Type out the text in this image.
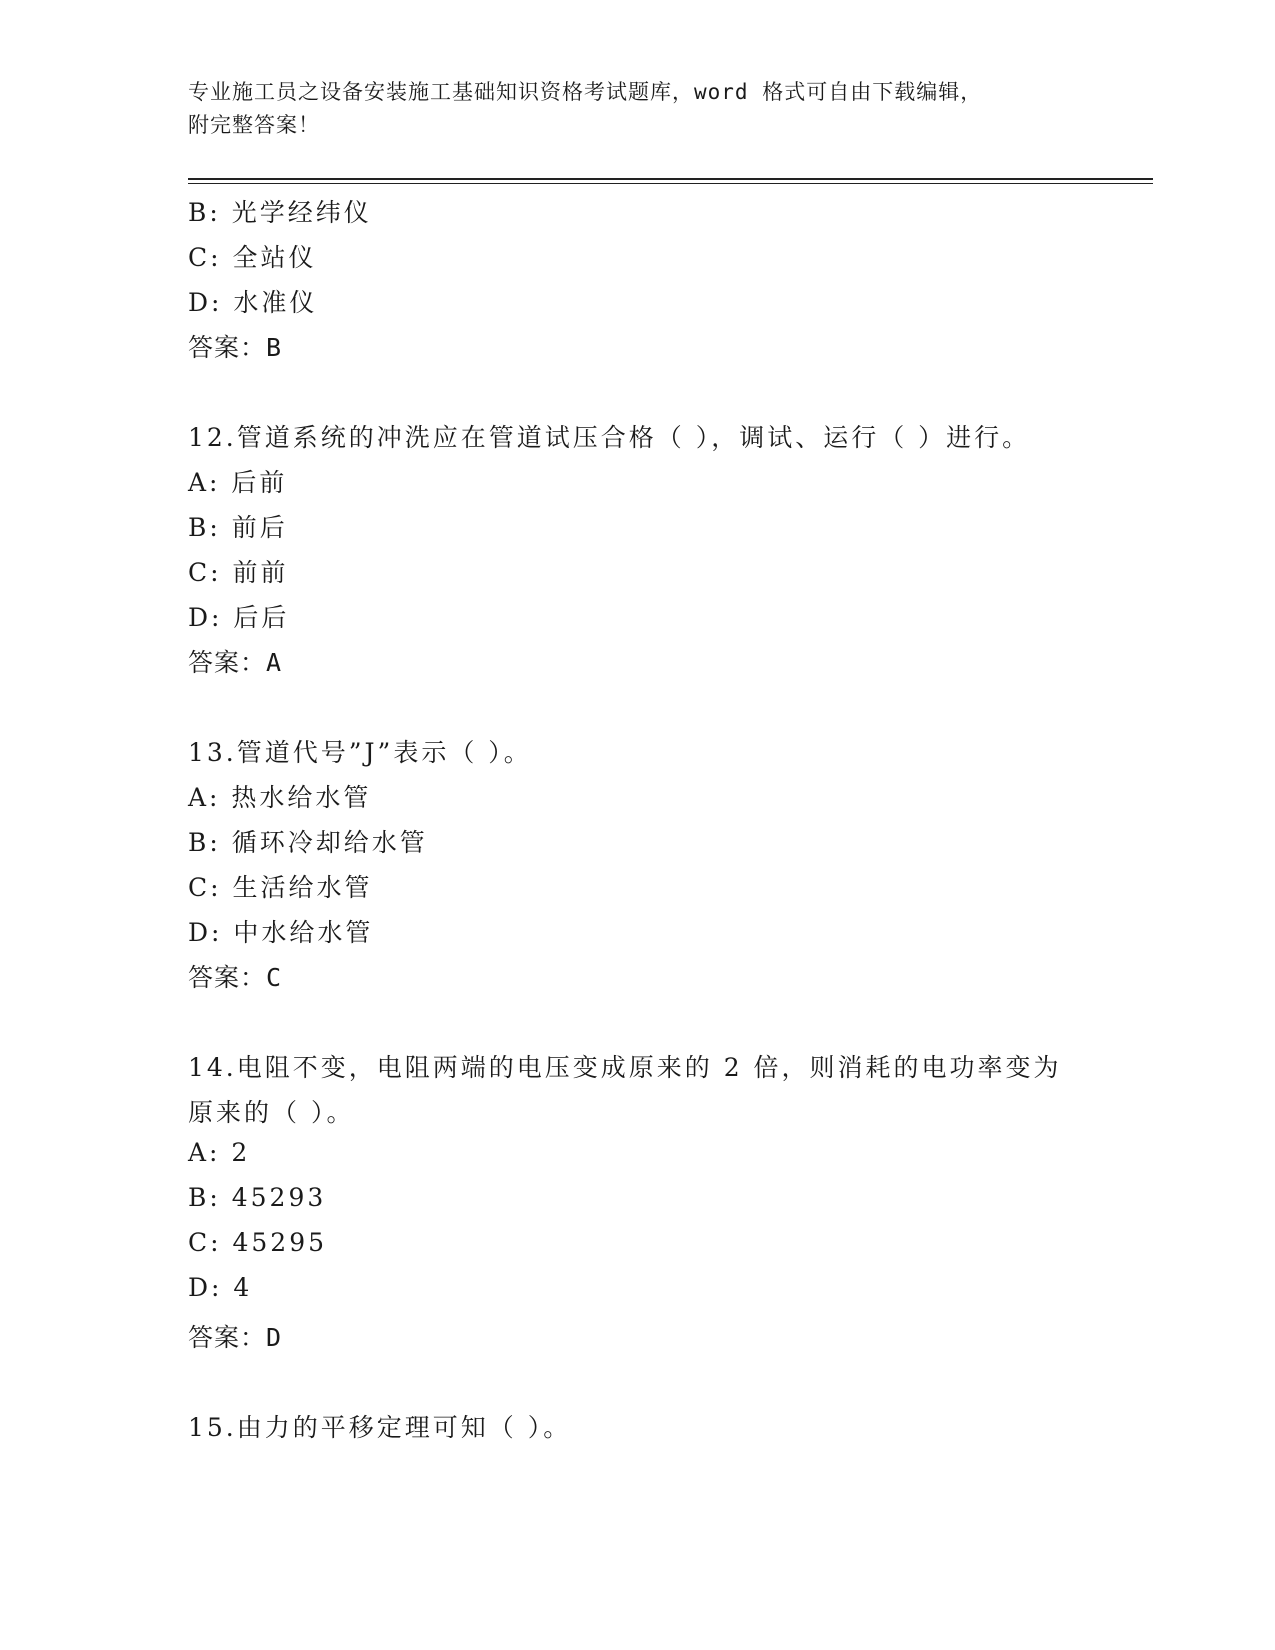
专业施工员之设备安装施工基础知识资格考试题库，word 格式可自由下载编辑，
附完整答案！
B: 光学经纬仪
C: 全站仪
D: 水准仪
答案：B
12.管道系统的冲洗应在管道试压合格（ ），调试、运行（ ）进行。
A: 后前
B: 前后
C: 前前
D: 后后
答案：A
13.管道代号”J”表示（ ）。
A: 热水给水管
B: 循环冷却给水管
C: 生活给水管
D: 中水给水管
答案：C
14.电阻不变，电阻两端的电压变成原来的 2 倍，则消耗的电功率变为
原来的（ ）。
A: 2
B: 45293
C: 45295
D: 4
答案：D
15.由力的平移定理可知（ ）。
